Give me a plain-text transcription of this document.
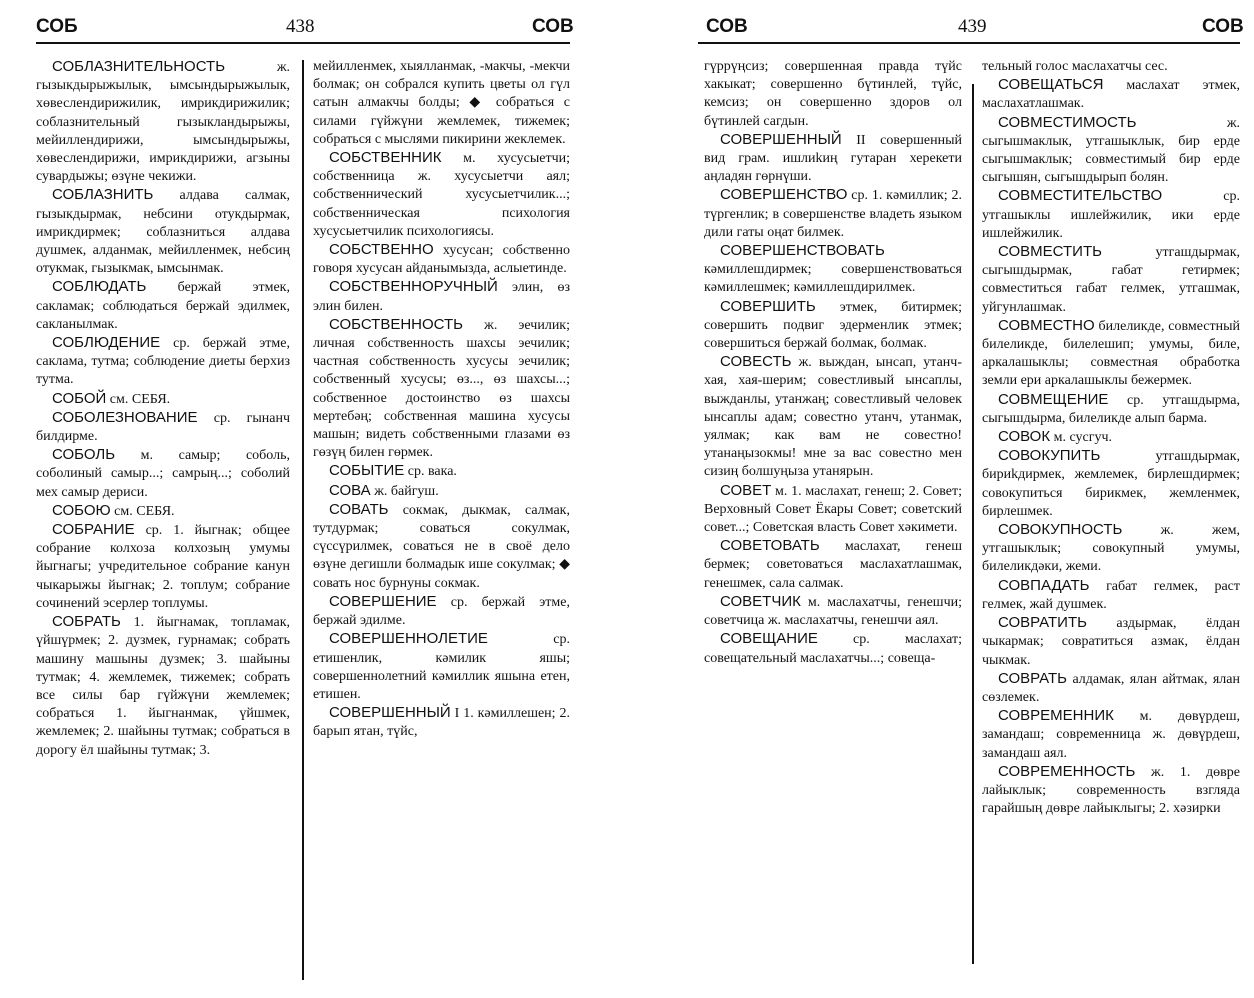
СОБ	438	СОВ

СОБЛАЗНИТЕЛЬНОСТЬ ж. гызыкдырыжылык, ымсындырыжылык, хөвеслендирижилик, имрикдирижилик; соблазнительный гызыкландырыжы, мейиллендирижи, ымсындырыжы, хөвеслендирижи, имрикдирижи, агзыны сувардыжы; өзүне чекижи.

СОБЛАЗНИТЬ алдава салмак, гызыкдырмак, небсини отукдырмак, имрикдирмек; соблазниться алдава душмек, алданмак, мейилленмек, небсиң отукмак, гызыкмак, ымсынмак.

СОБЛЮДАТЬ бержай этмек, сакламак; соблюдаться бержай эдилмек, сакланылмак.

СОБЛЮДЕНИЕ ср. бержай этме, саклама, тутма; соблюдение диеты берхиз тутма.

СОБОЙ см. СЕБЯ.

СОБОЛЕЗНОВАНИЕ ср. гынанч билдирме.

СОБОЛЬ м. самыр; соболь, соболиный самыр...; самрың...; соболий мех самыр дериси.

СОБОЮ см. СЕБЯ.

СОБРАНИЕ ср. 1. йыгнак; общее собрание колхоза колхозың умумы йыгнагы; учредительное собрание канун чыкарыжы йыгнак; 2. топлум; собрание сочинений эсерлер топлумы.

СОБРАТЬ 1. йыгнамак, топламак, үйшүрмек; 2. дузмек, гурнамак; собрать машину машыны дузмек; 3. шайыны тутмак; 4. жемлемек, тижемек; собрать все силы бар гүйжүни жемлемек; собраться 1. йыгнанмак, үйшмек, жемлемек; 2. шайыны тутмак; собраться в дорогу ёл шайыны тутмак; 3.

мейилленмек, хыялланмак, -макчы, -мекчи болмак; он собрался купить цветы ол гүл сатын алмакчы болды; ◆ собраться с силами гүйжүни жемлемек, тижемек; собраться с мыслями пикирини жеклемек.

СОБСТВЕННИК м. хусусыетчи; собственница ж. хусусыетчи аял; собственнический хусусыетчилик...; собственническая психология хусусыетчилик психологиясы.

СОБСТВЕННО хусусан; собственно говоря хусусан айданымызда, аслыетинде.

СОБСТВЕННОРУЧНЫЙ элин, өз элин билен.

СОБСТВЕННОСТЬ ж. эечилик; личная собственность шахсы эечилик; частная собственность хусусы эечилик; собственный хусусы; өз..., өз шахсы...; собственное достоинство өз шахсы мертебәң; собственная машина хусусы машын; видеть собственными глазами өз гөзүң билен гөрмек.

СОБЫТИЕ ср. вака.

СОВА ж. байгуш.

СОВАТЬ сокмак, дыкмак, салмак, тутдурмак; соваться сокулмак, сүссүрилмек, соваться не в своё дело өзүне дегишли болмадык ише сокулмак; ◆ совать нос бурнуны сокмак.

СОВЕРШЕНИЕ ср. бержай этме, бержай эдилме.

СОВЕРШЕННОЛЕТИЕ ср. етишенлик, кәмилик яшы; совершеннолетний кәмиллик яшына етен, етишен.

СОВЕРШЕННЫЙ I 1. кәмиллешен; 2. барып ятан, түйс,

СОВ	439	СОВ

гүррүңсиз; совершенная правда түйс хакыкат; совершенно бүтинлей, түйс, кемсиз; он совершенно здоров ол бүтинлей сагдын.

СОВЕРШЕННЫЙ II совершенный вид грам. ишлиkиң гутаран херекети аңладян гөрнүши.

СОВЕРШЕНСТВО ср. 1. кәмиллик; 2. түргенлик; в совершенстве владеть языком дили гаты оңат билмек.

СОВЕРШЕНСТВОВАТЬ кәмиллешдирмек; совершенствоваться кәмиллешмек; кәмиллешдирилмек.

СОВЕРШИТЬ этмек, битирмек; совершить подвиг эдерменлик этмек; совершиться бержай болмак, болмак.

СОВЕСТЬ ж. выждан, ынсап, утанч-хая, хая-шерим; совестливый ынсаплы, выжданлы, утанжаң; совестливый человек ынсаплы адам; совестно утанч, утанмак, уялмак; как вам не совестно! утанаңызокмы! мне за вас совестно мен сизиң болшуңыза утанярын.

СОВЕТ м. 1. маслахат, гeнеш; 2. Совет; Верховный Совет Ёкары Совет; советский совет...; Советская власть Совет хәкимети.

СОВЕТОВАТЬ маслахат, генеш бермек; советоваться маслахатлашмак, генешмек, сала салмак.

СОВЕТЧИК м. маслахатчы, генешчи; советчица ж. маслахатчы, генешчи аял.

СОВЕЩАНИЕ ср. маслахат; совещательный маслахатчы...; совеща-

тельный голос маслахатчы сес.

СОВЕЩАТЬСЯ маслахат этмек, маслахатлашмак.

СОВМЕСТИМОСТЬ ж. сыгышмаклык, утгашыклык, бир ерде сыгышмаклык; совместимый бир ерде сыгышян, сыгышдырып болян.

СОВМЕСТИТЕЛЬСТВО ср. утгашыклы ишлейжилик, ики ерде ишлейжилик.

СОВМЕСТИТЬ утгашдырмак, сыгышдырмак, габат гетирмек; совместиться габат гелмек, утгашмак, уйгунлашмак.

СОВМЕСТНО билеликде, совместный билеликде, билелешип; умумы, биле, аркалашыклы; совместная обработка земли ери аркалашыклы бежермек.

СОВМЕЩЕНИЕ ср. утгашдырма, сыгышдырма, билеликде алып барма.

СОВОК м. сусгуч.

СОВОКУПИТЬ утгашдырмак, бириkдирмек, жемлемек, бирлешдирмек; совокупиться бирикмек, жемленмек, бирлешмек.

СОВОКУПНОСТЬ ж. жем, утгашыклык; совокупный умумы, билеликдәки, жеми.

СОВПАДАТЬ габат гелмек, раст гелмек, жай душмек.

СОВРАТИТЬ аздырмак, ёлдан чыкармак; совратиться азмак, ёлдан чыкмак.

СОВРАТЬ алдамак, ялан айтмак, ялан сөзлемек.

СОВРЕМЕННИК м. дөвүрдеш, замандаш; современница ж. дөвүрдеш, замандаш аял.

СОВРЕМЕННОСТЬ ж. 1. дөвре лайыклык; современность взгляда гарайшың дөвре лайыклыгы; 2. хәзирки
